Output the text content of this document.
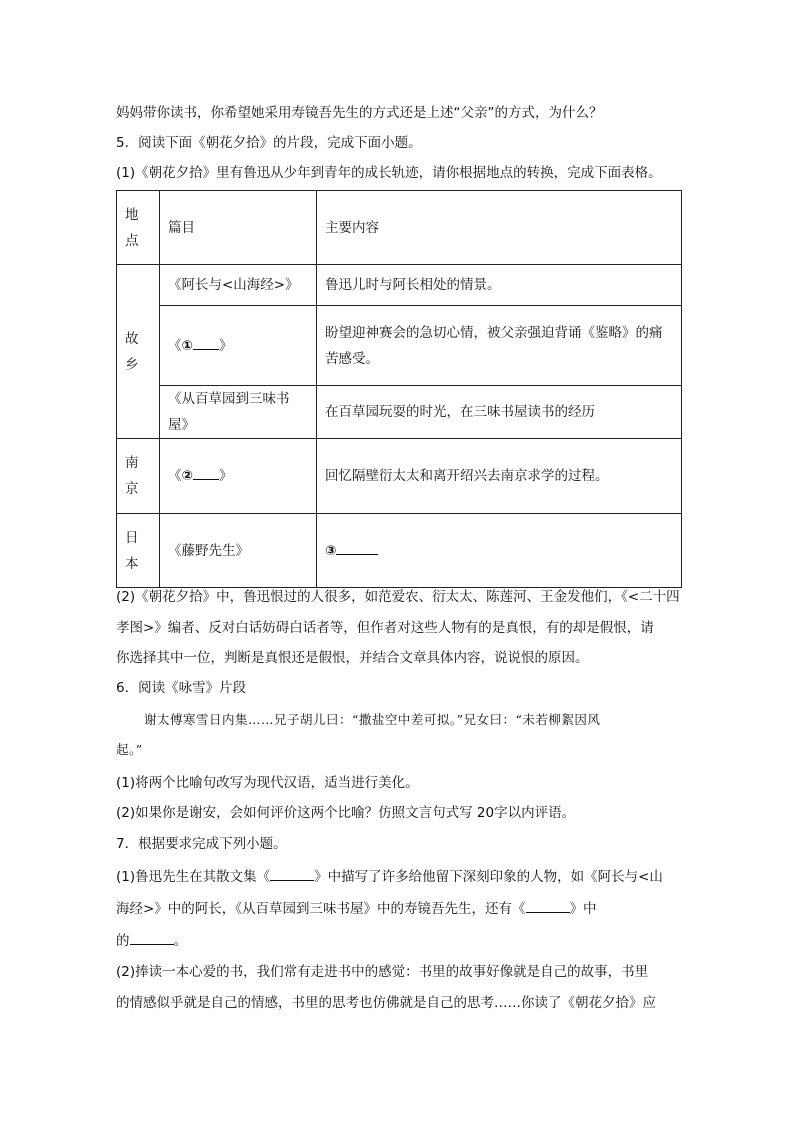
妈妈带你读书，你希望她采用寿镜吾先生的方式还是上述“父亲”的方式，为什么？
5．阅读下面《朝花夕拾》的片段，完成下面小题。
(1)《朝花夕拾》里有鲁迅从少年到青年的成长轨迹，请你根据地点的转换，完成下面表格。
地
点	篇目	主要内容

故
乡	《阿长与<山海经>》	鲁迅儿时与阿长相处的情景。
	《① 》	盼望迎神赛会的急切心情，被父亲强迫背诵《鉴略》的痛
苦感受。

	《从百草园到三味书屋》	在百草园玩耍的时光，在三味书屋读书的经历

南
京	《② 》	回忆隔壁衍太太和离开绍兴去南京求学的过程。

日
本	《藤野先生》	③
(2)《朝花夕拾》中，鲁迅恨过的人很多，如范爱农、衍太太、陈莲河、王金发他们，《<二十四
孝图>》编者、反对白话妨碍白话者等，但作者对这些人物有的是真恨，有的却是假恨，请
你选择其中一位，判断是真恨还是假恨，并结合文章具体内容，说说恨的原因。
6．阅读《咏雪》片段
谢太傅寒雪日内集……兄子胡儿曰：“撒盐空中差可拟。”兄女曰：“未若柳絮因风
起。”
(1)将两个比喻句改写为现代汉语，适当进行美化。
(2)如果你是谢安，会如何评价这两个比喻？仿照文言句式写 20字以内评语。
7．根据要求完成下列小题。
(1)鲁迅先生在其散文集《	》中描写了许多给他留下深刻印象的人物，如《阿长与<山
海经>》中的阿长，《从百草园到三味书屋》中的寿镜吾先生，还有《	》中
的	。
(2)捧读一本心爱的书，我们常有走进书中的感觉：书里的故事好像就是自己的故事，书里
的情感似乎就是自己的情感，书里的思考也仿佛就是自己的思考……你读了《朝花夕拾》应
